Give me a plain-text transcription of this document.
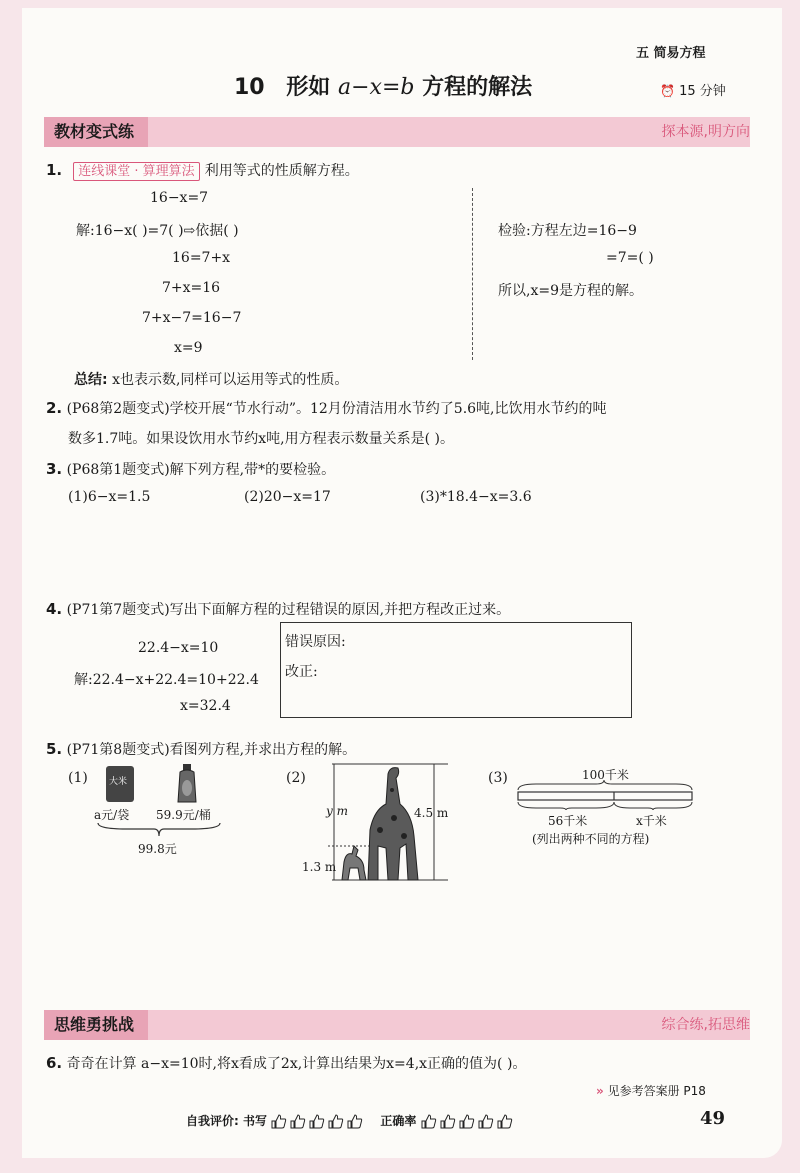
五 简易方程
10 形如 a−x=b 方程的解法	⏰ 15 分钟
教材变式练	探本源,明方向
1. 连线课堂 · 算理算法 利用等式的性质解方程。
16−x=7
解:16−x( )=7( )⇨依据( )
16=7+x
7+x=16
7+x−7=16−7
x=9
检验:方程左边=16−9
=7=( )
所以,x=9是方程的解。
总结: x也表示数,同样可以运用等式的性质。
2. (P68第2题变式)学校开展“节水行动”。12月份清洁用水节约了5.6吨,比饮用水节约的吨
数多1.7吨。如果设饮用水节约x吨,用方程表示数量关系是( )。
3. (P68第1题变式)解下列方程,带*的要检验。
(1)6−x=1.5	(2)20−x=17	(3)*18.4−x=3.6
4. (P71第7题变式)写出下面解方程的过程错误的原因,并把方程改正过来。
22.4−x=10
解:22.4−x+22.4=10+22.4
x=32.4
错误原因:
改正:
5. (P71第8题变式)看图列方程,并求出方程的解。
(1) 大米
a元/袋 59.9元/桶
99.8元
(2)
y m	4.5 m
1.3 m
(3)	100千米
56千米	x千米
(列出两种不同的方程)
思维勇挑战	综合练,拓思维
6. 奇奇在计算 a−x=10时,将x看成了2x,计算出结果为x=4,x正确的值为( )。
» 见参考答案册 P18
自我评价: 书写	正确率	49
